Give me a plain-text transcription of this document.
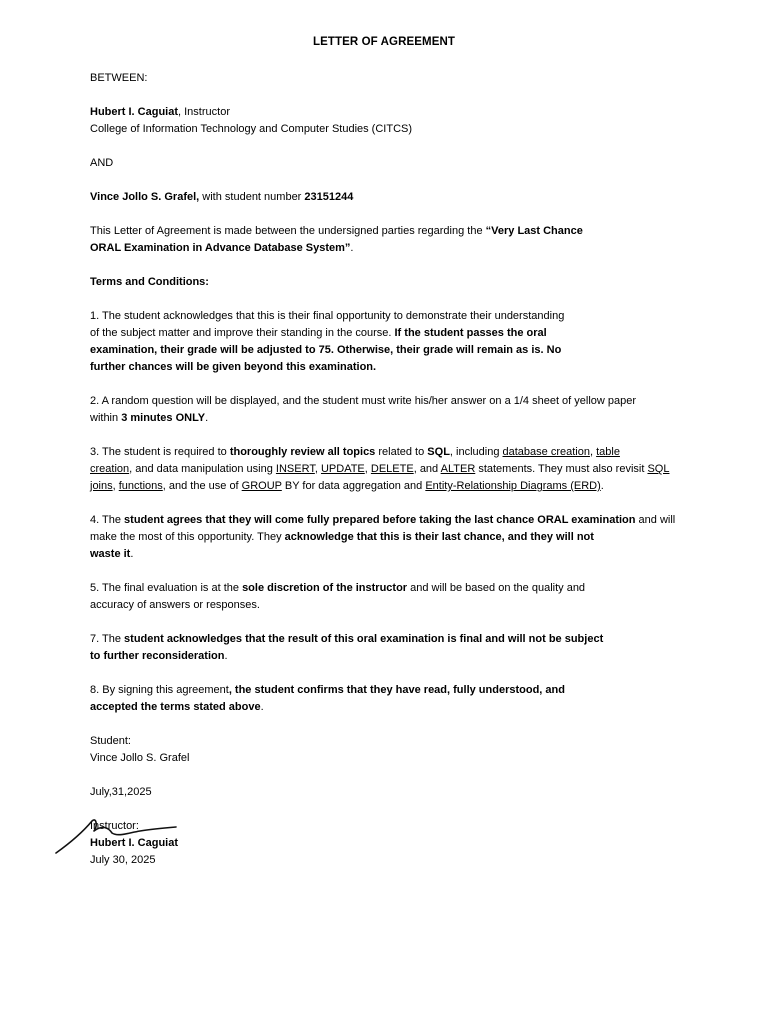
LETTER OF AGREEMENT
BETWEEN:
Hubert I. Caguiat, Instructor
College of Information Technology and Computer Studies (CITCS)
AND
Vince Jollo S. Grafel, with student number 23151244
This Letter of Agreement is made between the undersigned parties regarding the “Very Last Chance
ORAL Examination in Advance Database System”.
Terms and Conditions:
1. The student acknowledges that this is their final opportunity to demonstrate their understanding
of the subject matter and improve their standing in the course. If the student passes the oral
examination, their grade will be adjusted to 75. Otherwise, their grade will remain as is. No
further chances will be given beyond this examination.
2. A random question will be displayed, and the student must write his/her answer on a 1/4 sheet of yellow paper
within 3 minutes ONLY.
3. The student is required to thoroughly review all topics related to SQL, including database creation, table
creation, and data manipulation using INSERT, UPDATE, DELETE, and ALTER statements. They must also revisit SQL
joins, functions, and the use of GROUP BY for data aggregation and Entity-Relationship Diagrams (ERD).
4. The student agrees that they will come fully prepared before taking the last chance ORAL examination and will
make the most of this opportunity. They acknowledge that this is their last chance, and they will not
waste it.
5. The final evaluation is at the sole discretion of the instructor and will be based on the quality and
accuracy of answers or responses.
7. The student acknowledges that the result of this oral examination is final and will not be subject
to further reconsideration.
8. By signing this agreement, the student confirms that they have read, fully understood, and
accepted the terms stated above.
Student:
Vince Jollo S. Grafel
July,31,2025
Instructor:
Hubert I. Caguiat
July 30, 2025
